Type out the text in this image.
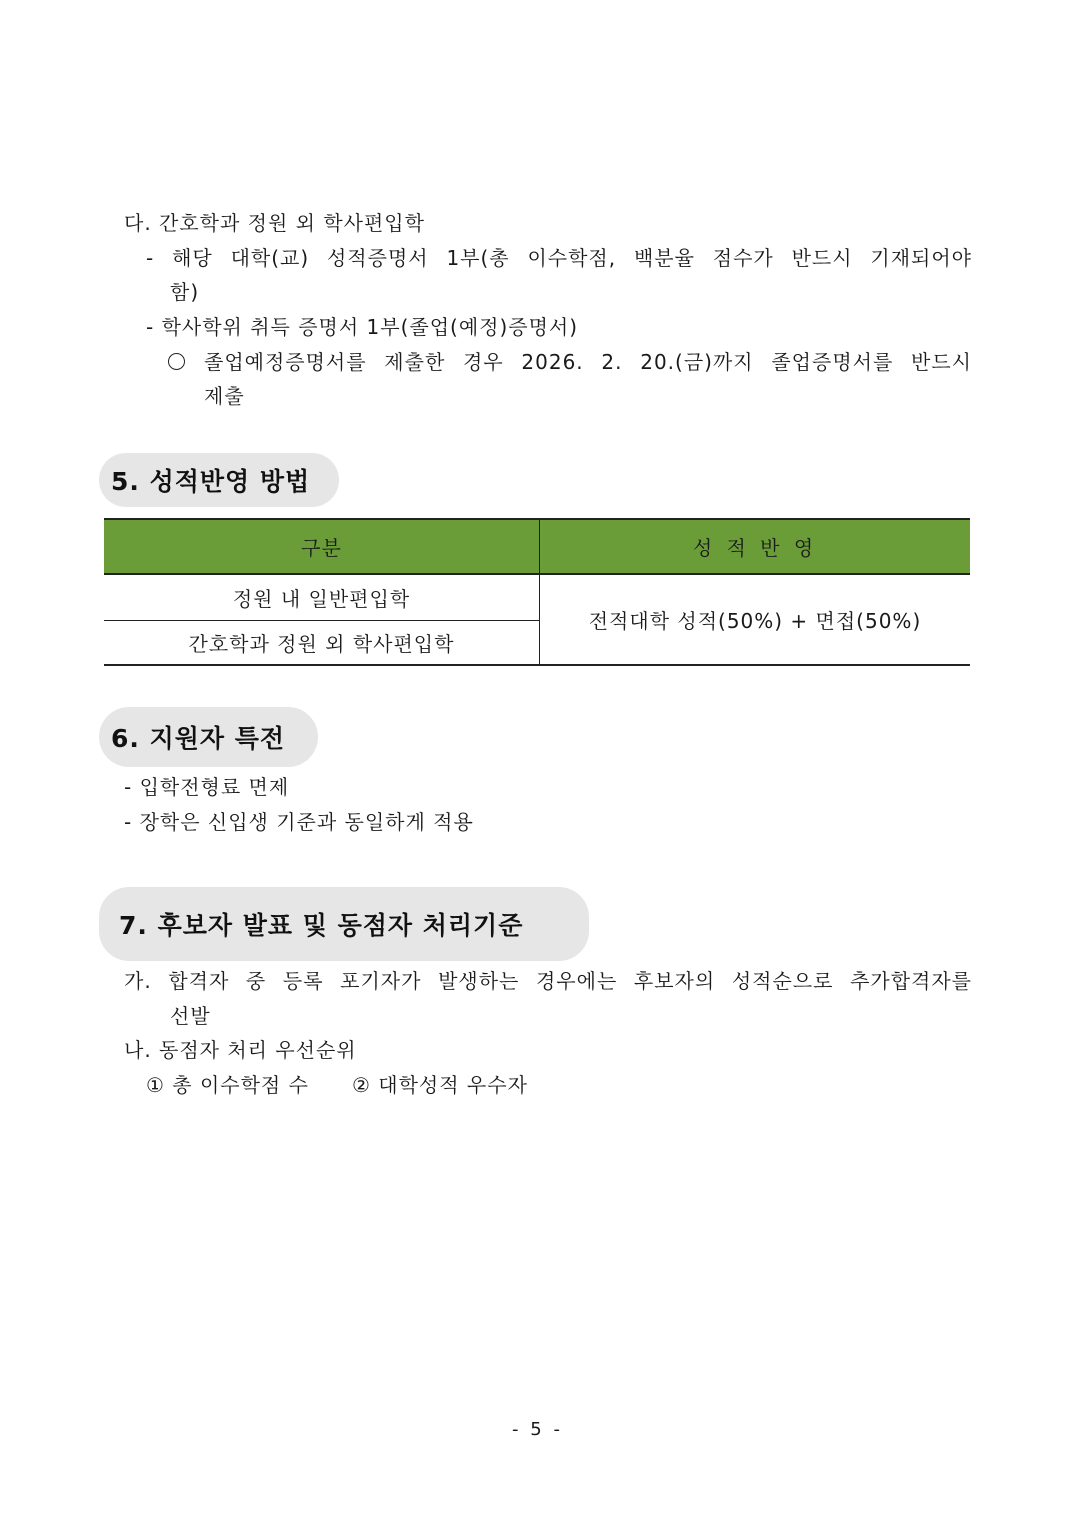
다. 간호학과 정원 외 학사편입학
- 해당 대학(교) 성적증명서 1부(총 이수학점, 백분율 점수가 반드시 기재되어야
함)
- 학사학위 취득 증명서 1부(졸업(예정)증명서)
졸업예정증명서를 제출한 경우 2026. 2. 20.(금)까지 졸업증명서를 반드시
제출
5. 성적반영 방법
구분	성 적 반 영
정원 내 일반편입학	전적대학 성적(50%) + 면접(50%)
간호학과 정원 외 학사편입학	
6. 지원자 특전
- 입학전형료 면제
- 장학은 신입생 기준과 동일하게 적용
7. 후보자 발표 및 동점자 처리기준
가. 합격자 중 등록 포기자가 발생하는 경우에는 후보자의 성적순으로 추가합격자를
선발
나. 동점자 처리 우선순위
① 총 이수학점 수 ② 대학성적 우수자
- 5 -
